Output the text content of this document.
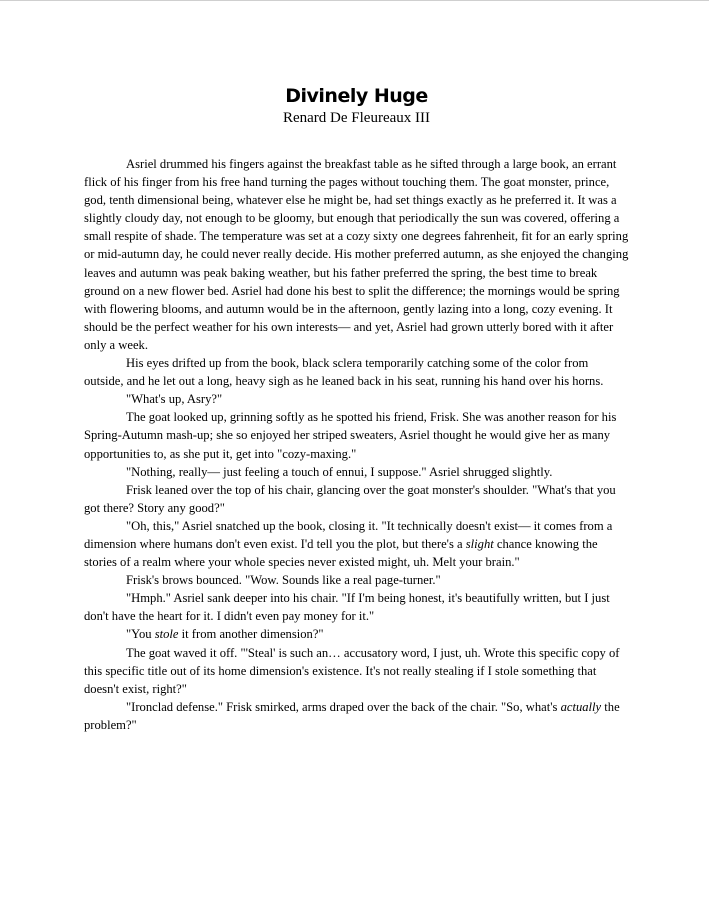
Divinely Huge
Renard De Fleureaux III

Asriel drummed his fingers against the breakfast table as he sifted through a large book, an errant flick of his finger from his free hand turning the pages without touching them. The goat monster, prince, god, tenth dimensional being, whatever else he might be, had set things exactly as he preferred it. It was a slightly cloudy day, not enough to be gloomy, but enough that periodically the sun was covered, offering a small respite of shade. The temperature was set at a cozy sixty one degrees fahrenheit, fit for an early spring or mid-autumn day, he could never really decide. His mother preferred autumn, as she enjoyed the changing leaves and autumn was peak baking weather, but his father preferred the spring, the best time to break ground on a new flower bed. Asriel had done his best to split the difference; the mornings would be spring with flowering blooms, and autumn would be in the afternoon, gently lazing into a long, cozy evening. It should be the perfect weather for his own interests— and yet, Asriel had grown utterly bored with it after only a week.

His eyes drifted up from the book, black sclera temporarily catching some of the color from outside, and he let out a long, heavy sigh as he leaned back in his seat, running his hand over his horns.

"What's up, Asry?"

The goat looked up, grinning softly as he spotted his friend, Frisk. She was another reason for his Spring-Autumn mash-up; she so enjoyed her striped sweaters, Asriel thought he would give her as many opportunities to, as she put it, get into "cozy-maxing."

"Nothing, really— just feeling a touch of ennui, I suppose." Asriel shrugged slightly.

Frisk leaned over the top of his chair, glancing over the goat monster's shoulder. "What's that you got there? Story any good?"

"Oh, this," Asriel snatched up the book, closing it. "It technically doesn't exist— it comes from a dimension where humans don't even exist. I'd tell you the plot, but there's a slight chance knowing the stories of a realm where your whole species never existed might, uh. Melt your brain."

Frisk's brows bounced. "Wow. Sounds like a real page-turner."

"Hmph." Asriel sank deeper into his chair. "If I'm being honest, it's beautifully written, but I just don't have the heart for it. I didn't even pay money for it."

"You stole it from another dimension?"

The goat waved it off. "'Steal' is such an… accusatory word, I just, uh. Wrote this specific copy of this specific title out of its home dimension's existence. It's not really stealing if I stole something that doesn't exist, right?"

"Ironclad defense." Frisk smirked, arms draped over the back of the chair. "So, what's actually the problem?"
